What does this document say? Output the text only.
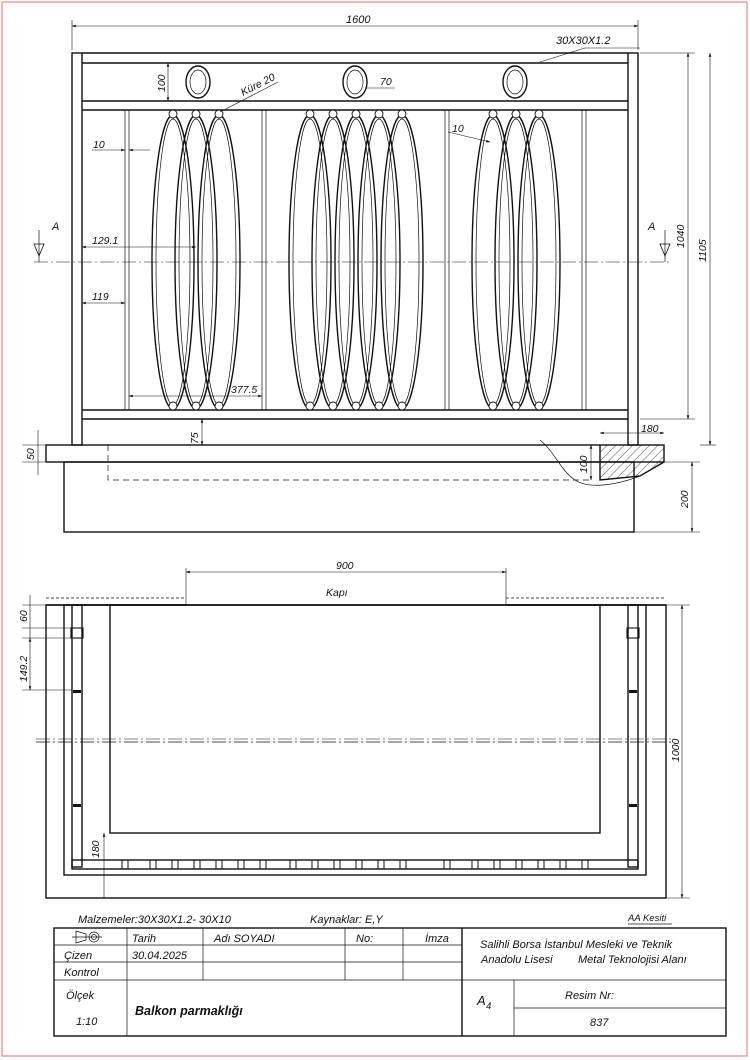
1600
30X30X1.2
100	Küre 20	70
10
10
129.1
119
377.5
75
1040
1105
180
100
50
200
A	A
900
Kapı
60
149.2
1000
180
Malzemeler:30X30X1.2- 30X10	Kaynaklar: E,Y	AA Kesiti
Tarih	Adı SOYADI	No:	İmza
Çizen	30.04.2025
Kontrol
Salihli Borsa İstanbul Mesleki ve Teknik
Anadolu Lisesi Metal Teknolojisi Alanı
Ölçek
1:10
Balkon parmaklığı
A 4
Resim Nr:
837
